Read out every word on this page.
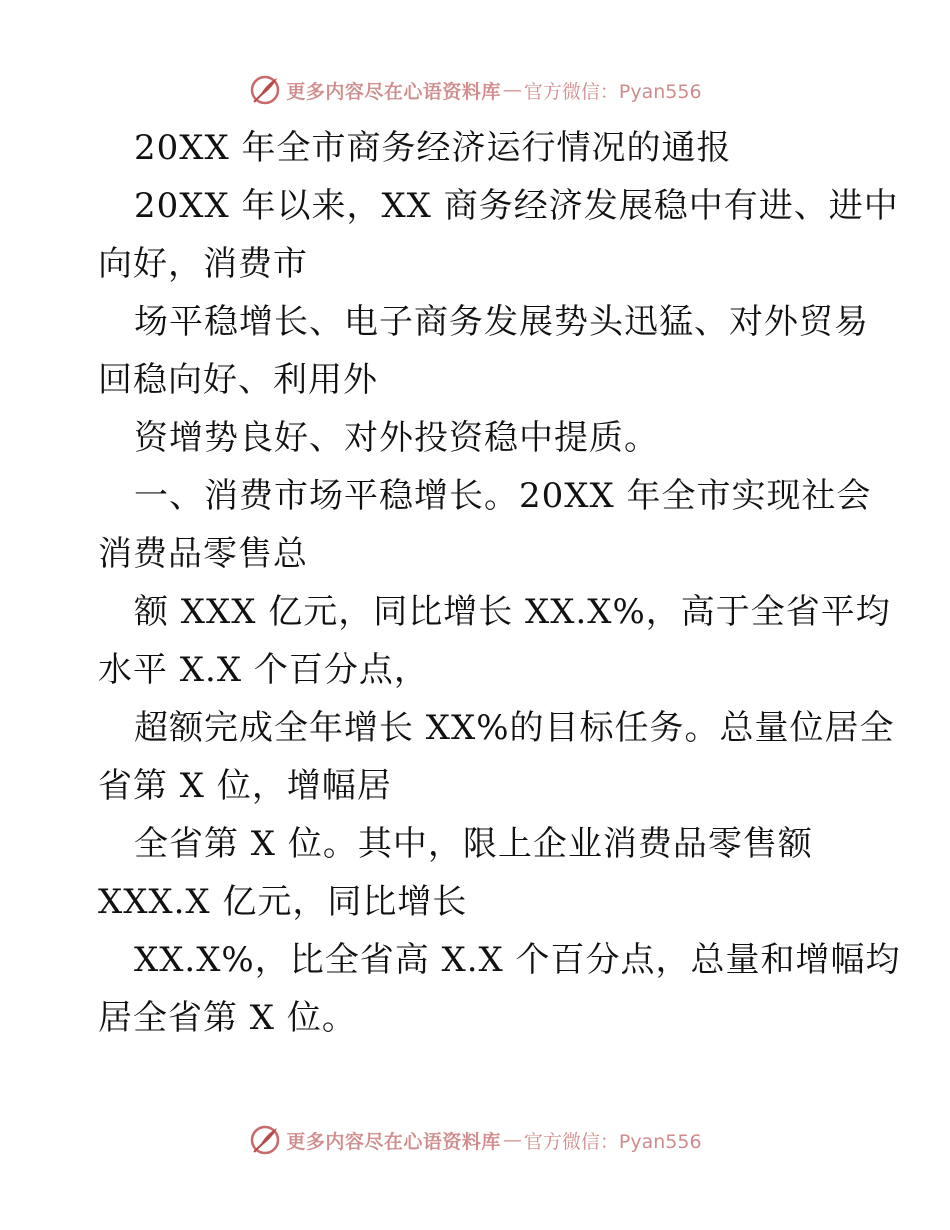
更多内容尽在心语资料库 — 官方微信：Pyan556
20XX 年全市商务经济运行情况的通报
20XX 年以来，XX 商务经济发展稳中有进、进中
向好，消费市
场平稳增长、电子商务发展势头迅猛、对外贸易
回稳向好、利用外
资增势良好、对外投资稳中提质。
一、消费市场平稳增长。20XX 年全市实现社会
消费品零售总
额 XXX 亿元，同比增长 XX.X%，高于全省平均
水平 X.X 个百分点，
超额完成全年增长 XX%的目标任务。总量位居全
省第 X 位，增幅居
全省第 X 位。其中，限上企业消费品零售额
XXX.X 亿元，同比增长
XX.X%，比全省高 X.X 个百分点，总量和增幅均
居全省第 X 位。
更多内容尽在心语资料库 — 官方微信：Pyan556
